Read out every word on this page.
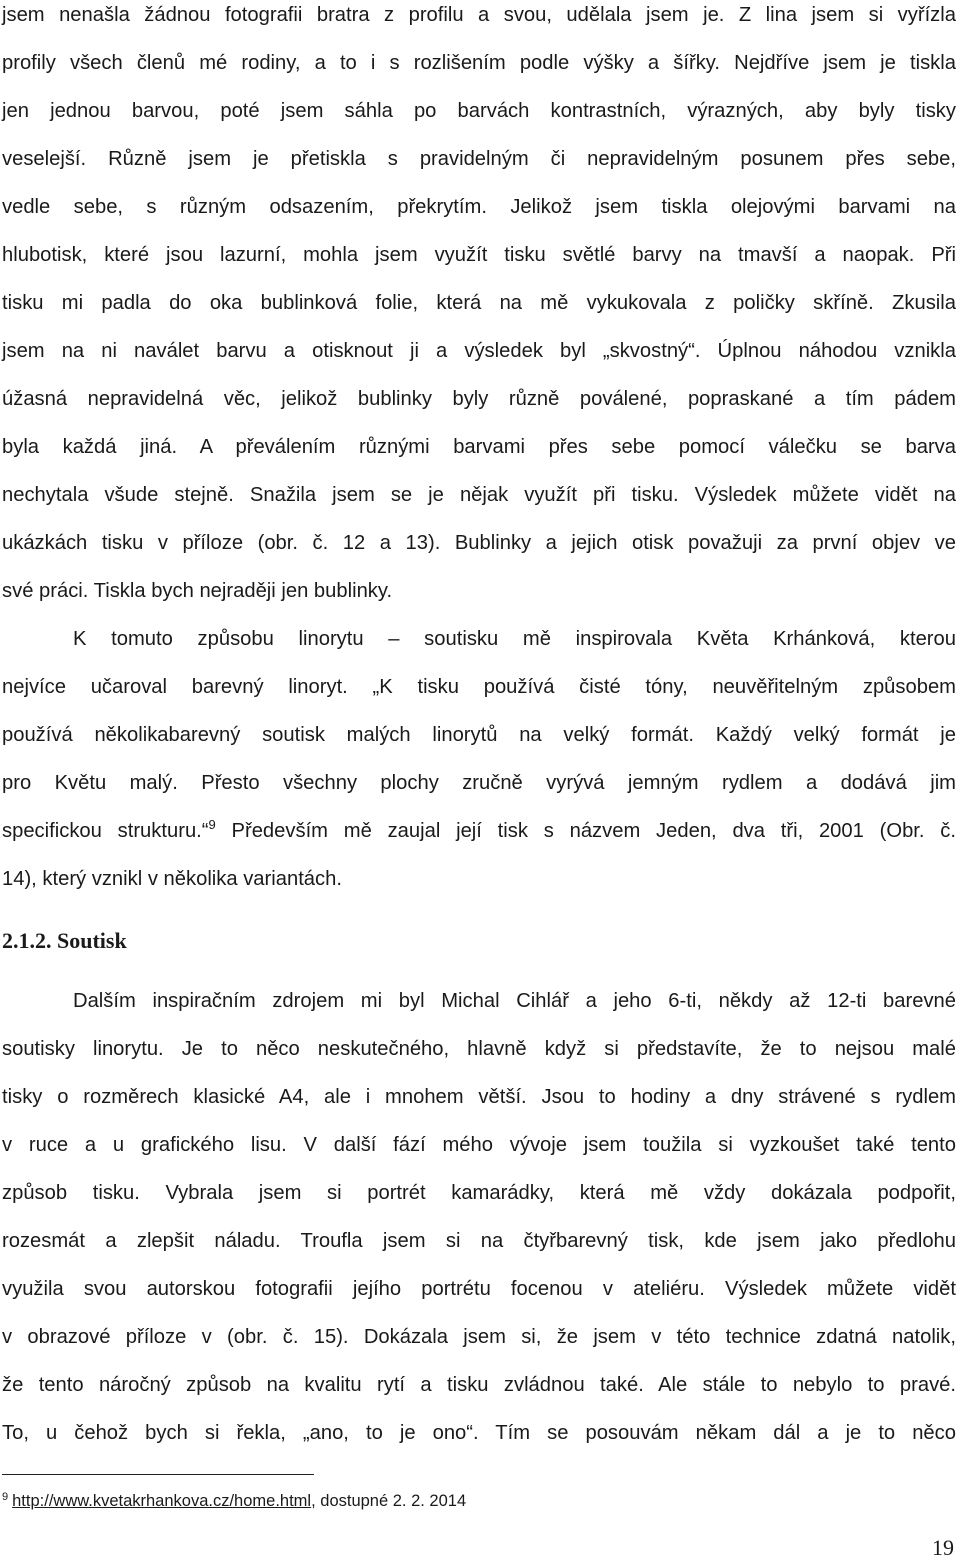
jsem nenašla žádnou fotografii bratra z profilu a svou, udělala jsem je. Z lina jsem si vyřízla
profily všech členů mé rodiny, a to i s rozlišením podle výšky a šířky. Nejdříve jsem je tiskla
jen jednou barvou, poté jsem sáhla po barvách kontrastních, výrazných, aby byly tisky
veselejší. Různě jsem je přetiskla s pravidelným či nepravidelným posunem přes sebe,
vedle sebe, s různým odsazením, překrytím. Jelikož jsem tiskla olejovými barvami na
hlubotisk, které jsou lazurní, mohla jsem využít tisku světlé barvy na tmavší a naopak. Při
tisku mi padla do oka bublinková folie, která na mě vykukovala z poličky skříně. Zkusila
jsem na ni naválet barvu a otisknout ji a výsledek byl „skvostný“. Úplnou náhodou vznikla
úžasná nepravidelná věc, jelikož bublinky byly různě poválené, popraskané a tím pádem
byla každá jiná. A převálením různými barvami přes sebe pomocí válečku se barva
nechytala všude stejně. Snažila jsem se je nějak využít při tisku. Výsledek můžete vidět na
ukázkách tisku v příloze (obr. č. 12 a 13). Bublinky a jejich otisk považuji za první objev ve
své práci. Tiskla bych nejraději jen bublinky.
K tomuto způsobu linorytu – soutisku mě inspirovala Květa Krhánková, kterou
nejvíce učaroval barevný linoryt. „K tisku používá čisté tóny, neuvěřitelným způsobem
používá několikabarevný soutisk malých linorytů na velký formát. Každý velký formát je
pro Květu malý. Přesto všechny plochy zručně vyrývá jemným rydlem a dodává jim
specifickou strukturu.“$^9$ Především mě zaujal její tisk s názvem Jeden, dva tři, 2001 (Obr. č.
14), který vznikl v několika variantách.
2.1.2. Soutisk
Dalším inspiračním zdrojem mi byl Michal Cihlář a jeho 6-ti, někdy až 12-ti barevné
soutisky linorytu. Je to něco neskutečného, hlavně když si představíte, že to nejsou malé
tisky o rozměrech klasické A4, ale i mnohem větší. Jsou to hodiny a dny strávené s rydlem
v ruce a u grafického lisu. V další fází mého vývoje jsem toužila si vyzkoušet také tento
způsob tisku. Vybrala jsem si portrét kamarádky, která mě vždy dokázala podpořit,
rozesmát a zlepšit náladu. Troufla jsem si na čtyřbarevný tisk, kde jsem jako předlohu
využila svou autorskou fotografii jejího portrétu focenou v ateliéru. Výsledek můžete vidět
v obrazové příloze v (obr. č. 15). Dokázala jsem si, že jsem v této technice zdatná natolik,
že tento náročný způsob na kvalitu rytí a tisku zvládnou také. Ale stále to nebylo to pravé.
To, u čehož bych si řekla, „ano, to je ono“. Tím se posouvám někam dál a je to něco
$^9$ http://www.kvetakrhankova.cz/home.html, dostupné 2. 2. 2014
19
